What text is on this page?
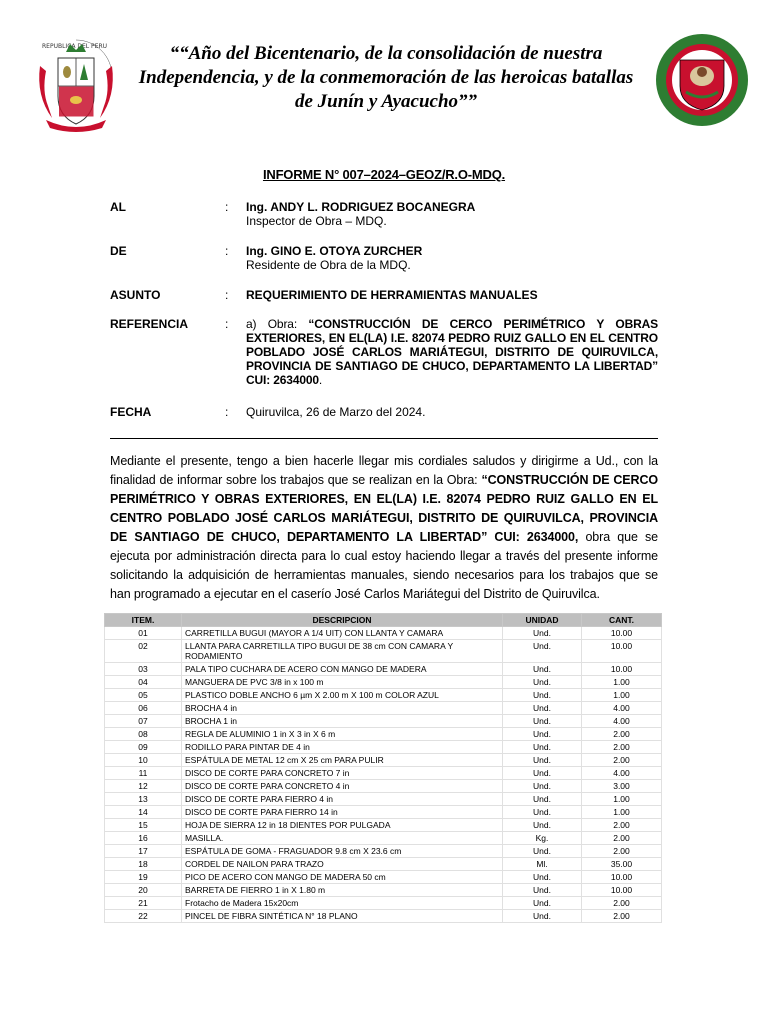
REPUBLICA DEL PERU	““Año del Bicentenario, de la consolidación de nuestra
Independencia, y de la conmemoración de las heroicas batallas
de Junín y Ayacucho””
INFORME N° 007–2024–GEOZ/R.O-MDQ.
AL	: Ing. ANDY L. RODRIGUEZ BOCANEGRA
Inspector de Obra – MDQ.
DE	: Ing. GINO E. OTOYA ZURCHER
Residente de Obra de la MDQ.
ASUNTO	: REQUERIMIENTO DE HERRAMIENTAS MANUALES
REFERENCIA	: a) Obra: “CONSTRUCCIÓN DE CERCO PERIMÉTRICO Y OBRAS EXTERIORES, EN EL(LA) I.E. 82074 PEDRO RUIZ GALLO EN EL CENTRO POBLADO JOSÉ CARLOS MARIÁTEGUI, DISTRITO DE QUIRUVILCA, PROVINCIA DE SANTIAGO DE CHUCO, DEPARTAMENTO LA LIBERTAD” CUI: 2634000.
FECHA	: Quiruvilca, 26 de Marzo del 2024.
Mediante el presente, tengo a bien hacerle llegar mis cordiales saludos y dirigirme a Ud., con la finalidad de informar sobre los trabajos que se realizan en la Obra: “CONSTRUCCIÓN DE CERCO PERIMÉTRICO Y OBRAS EXTERIORES, EN EL(LA) I.E. 82074 PEDRO RUIZ GALLO EN EL CENTRO POBLADO JOSÉ CARLOS MARIÁTEGUI, DISTRITO DE QUIRUVILCA, PROVINCIA DE SANTIAGO DE CHUCO, DEPARTAMENTO LA LIBERTAD” CUI: 2634000, obra que se ejecuta por administración directa para lo cual estoy haciendo llegar a través del presente informe solicitando la adquisición de herramientas manuales, siendo necesarios para los trabajos que se han programado a ejecutar en el caserío José Carlos Mariátegui del Distrito de Quiruvilca.
ITEM.	DESCRIPCION	UNIDAD	CANT.
01	CARRETILLA BUGUI (MAYOR A 1/4 UIT) CON LLANTA Y CAMARA	Und.	10.00
02	LLANTA PARA CARRETILLA TIPO BUGUI DE 38 cm CON CAMARA Y RODAMIENTO	Und.	10.00
03	PALA TIPO CUCHARA DE ACERO CON MANGO DE MADERA	Und.	10.00
04	MANGUERA DE PVC 3/8 in x 100 m	Und.	1.00
05	PLASTICO DOBLE ANCHO 6 µm X 2.00 m X 100 m COLOR AZUL	Und.	1.00
06	BROCHA 4 in	Und.	4.00
07	BROCHA 1 in	Und.	4.00
08	REGLA DE ALUMINIO 1 in X 3 in X 6 m	Und.	2.00
09	RODILLO PARA PINTAR DE 4 in	Und.	2.00
10	ESPÁTULA DE METAL 12 cm X 25 cm PARA PULIR	Und.	2.00
11	DISCO DE CORTE PARA CONCRETO 7 in	Und.	4.00
12	DISCO DE CORTE PARA CONCRETO 4 in	Und.	3.00
13	DISCO DE CORTE PARA FIERRO 4 in	Und.	1.00
14	DISCO DE CORTE PARA FIERRO 14 in	Und.	1.00
15	HOJA DE SIERRA 12 in 18 DIENTES POR PULGADA	Und.	2.00
16	MASILLA.	Kg.	2.00
17	ESPÁTULA DE GOMA - FRAGUADOR 9.8 cm X 23.6 cm	Und.	2.00
18	CORDEL DE NAILON PARA TRAZO	Ml.	35.00
19	PICO DE ACERO CON MANGO DE MADERA 50 cm	Und.	10.00
20	BARRETA DE FIERRO 1 in X 1.80 m	Und.	10.00
21	Frotacho de Madera 15x20cm	Und.	2.00
22	PINCEL DE FIBRA SINTÉTICA N° 18 PLANO	Und.	2.00
